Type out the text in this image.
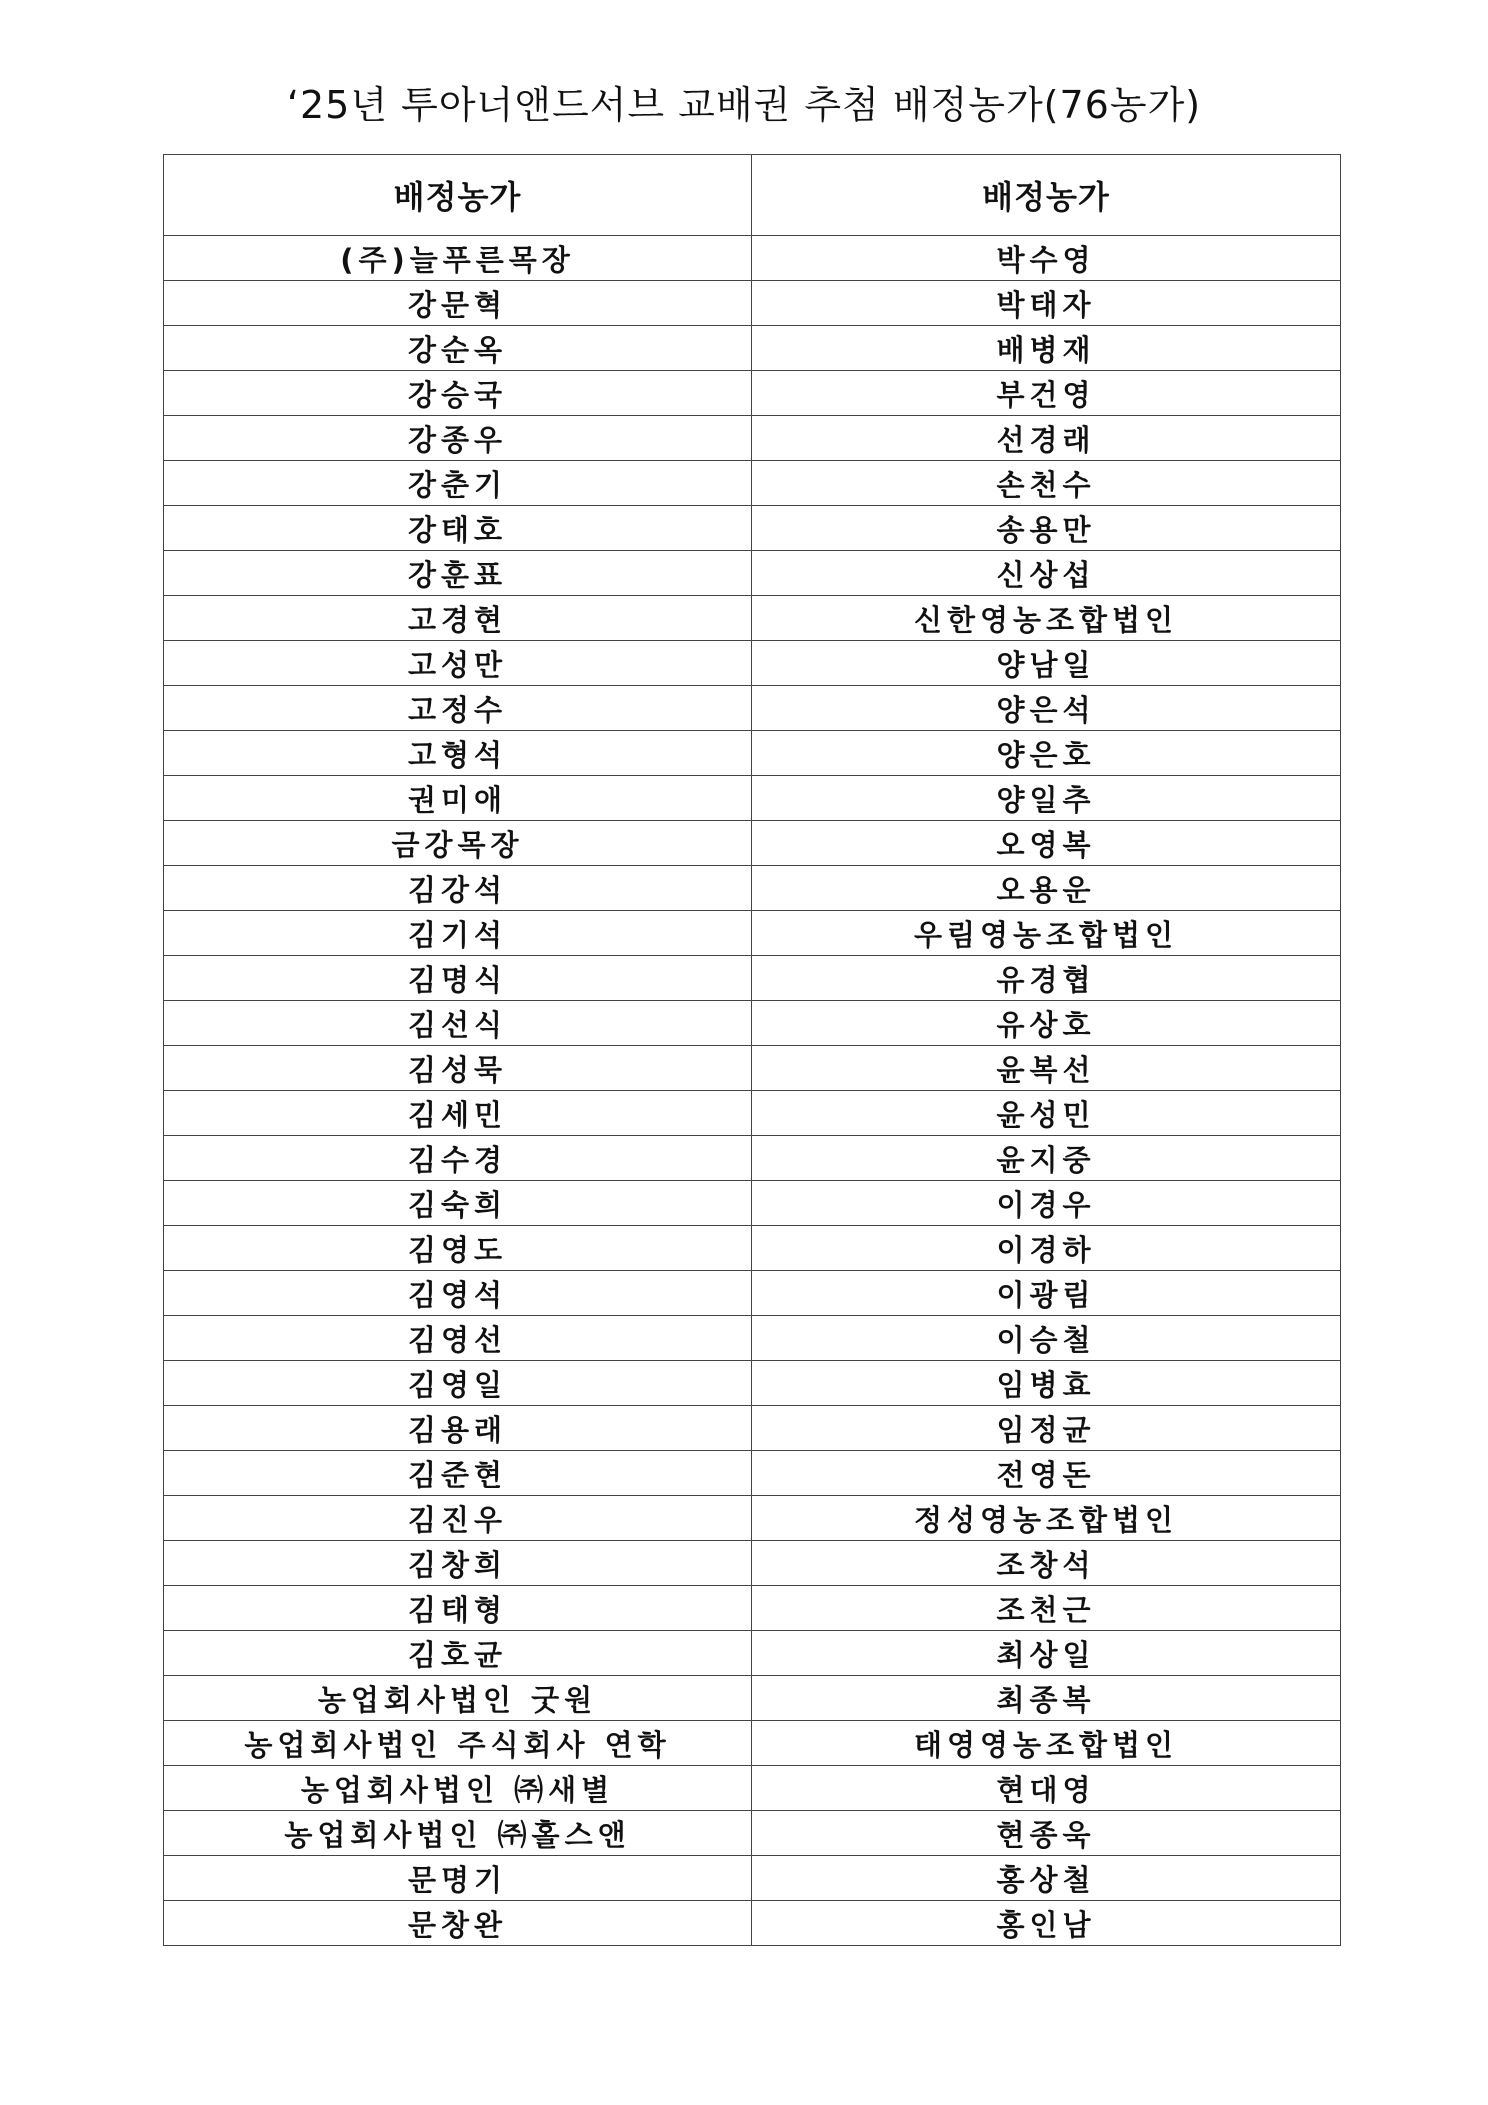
‘25년 투아너앤드서브 교배권 추첨 배정농가(76농가)
배정농가	배정농가
(주)늘푸른목장	박수영
강문혁	박태자
강순옥	배병재
강승국	부건영
강종우	선경래
강춘기	손천수
강태호	송용만
강훈표	신상섭
고경현	신한영농조합법인
고성만	양남일
고정수	양은석
고형석	양은호
권미애	양일추
금강목장	오영복
김강석	오용운
김기석	우림영농조합법인
김명식	유경협
김선식	유상호
김성묵	윤복선
김세민	윤성민
김수경	윤지중
김숙희	이경우
김영도	이경하
김영석	이광림
김영선	이승철
김영일	임병효
김용래	임정균
김준현	전영돈
김진우	정성영농조합법인
김창희	조창석
김태형	조천근
김호균	최상일
농업회사법인 굿원	최종복
농업회사법인 주식회사 연학	태영영농조합법인
농업회사법인 ㈜새별	현대영
농업회사법인 ㈜홀스앤	현종욱
문명기	홍상철
문창완	홍인남
